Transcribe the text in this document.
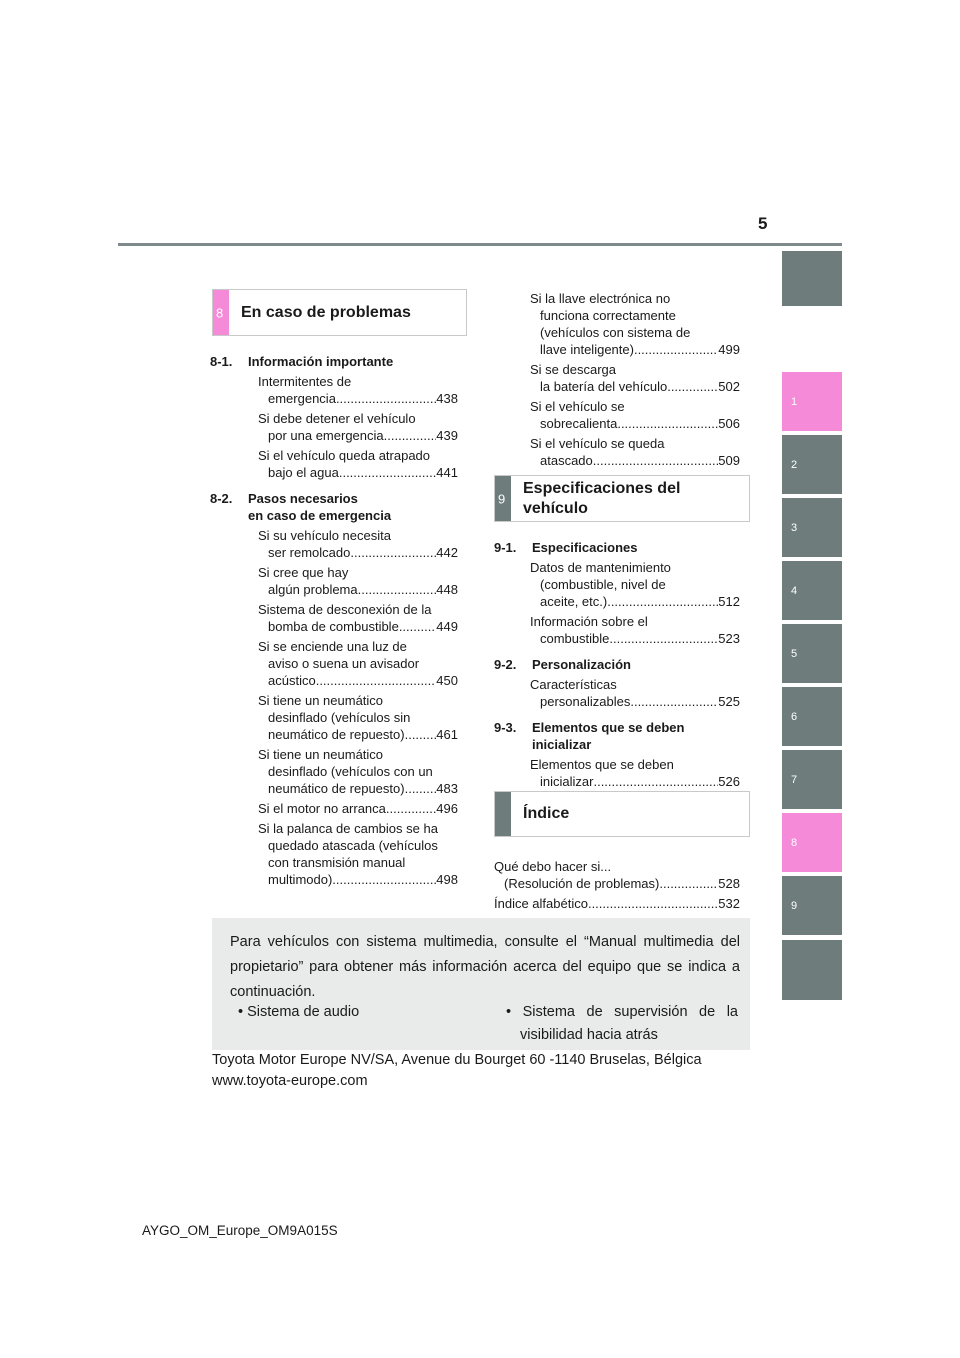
5
1
2
3
4
5
6
7
8
9
8 En caso de problemas
8-1. Información importante
Intermitentes de
emergencia .....	438
Si debe detener el vehículo
por una emergencia .....	439
Si el vehículo queda atrapado
bajo el agua .....	441
8-2. Pasos necesarios
en caso de emergencia
Si su vehículo necesita
ser remolcado .....	442
Si cree que hay
algún problema .....	448
Sistema de desconexión de la
bomba de combustible .....	449
Si se enciende una luz de
aviso o suena un avisador
acústico .....	450
Si tiene un neumático
desinflado (vehículos sin
neumático de repuesto) ..... 461
Si tiene un neumático
desinflado (vehículos con un
neumático de repuesto) ..... 483
Si el motor no arranca .....	496
Si la palanca de cambios se ha
quedado atascada (vehículos
con transmisión manual
multimodo) .....	498
Si la llave electrónica no
funciona correctamente
(vehículos con sistema de
llave inteligente) .....	499
Si se descarga
la batería del vehículo .....	502
Si el vehículo se
sobrecalienta .....	506
Si el vehículo se queda
atascado .....	509
9
Especificaciones del
vehículo
9-1. Especificaciones
Datos de mantenimiento
(combustible, nivel de
aceite, etc.) .....	512
Información sobre el
combustible .....	523
9-2. Personalización
Características
personalizables .....	525
9-3. Elementos que se deben
inicializar
Elementos que se deben
inicializar .....	526
Índice
Qué debo hacer si...
(Resolución de problemas) .....	528
Índice alfabético .....	532
Para vehículos con sistema multimedia, consulte el “Manual multimedia del propietario” para obtener más información acerca del equipo que se indica a continuación.
• Sistema de audio	• Sistema de supervisión de la
visibilidad hacia atrás
Toyota Motor Europe NV/SA, Avenue du Bourget 60 -1140 Bruselas, Bélgica
www.toyota-europe.com
AYGO_OM_Europe_OM9A015S
